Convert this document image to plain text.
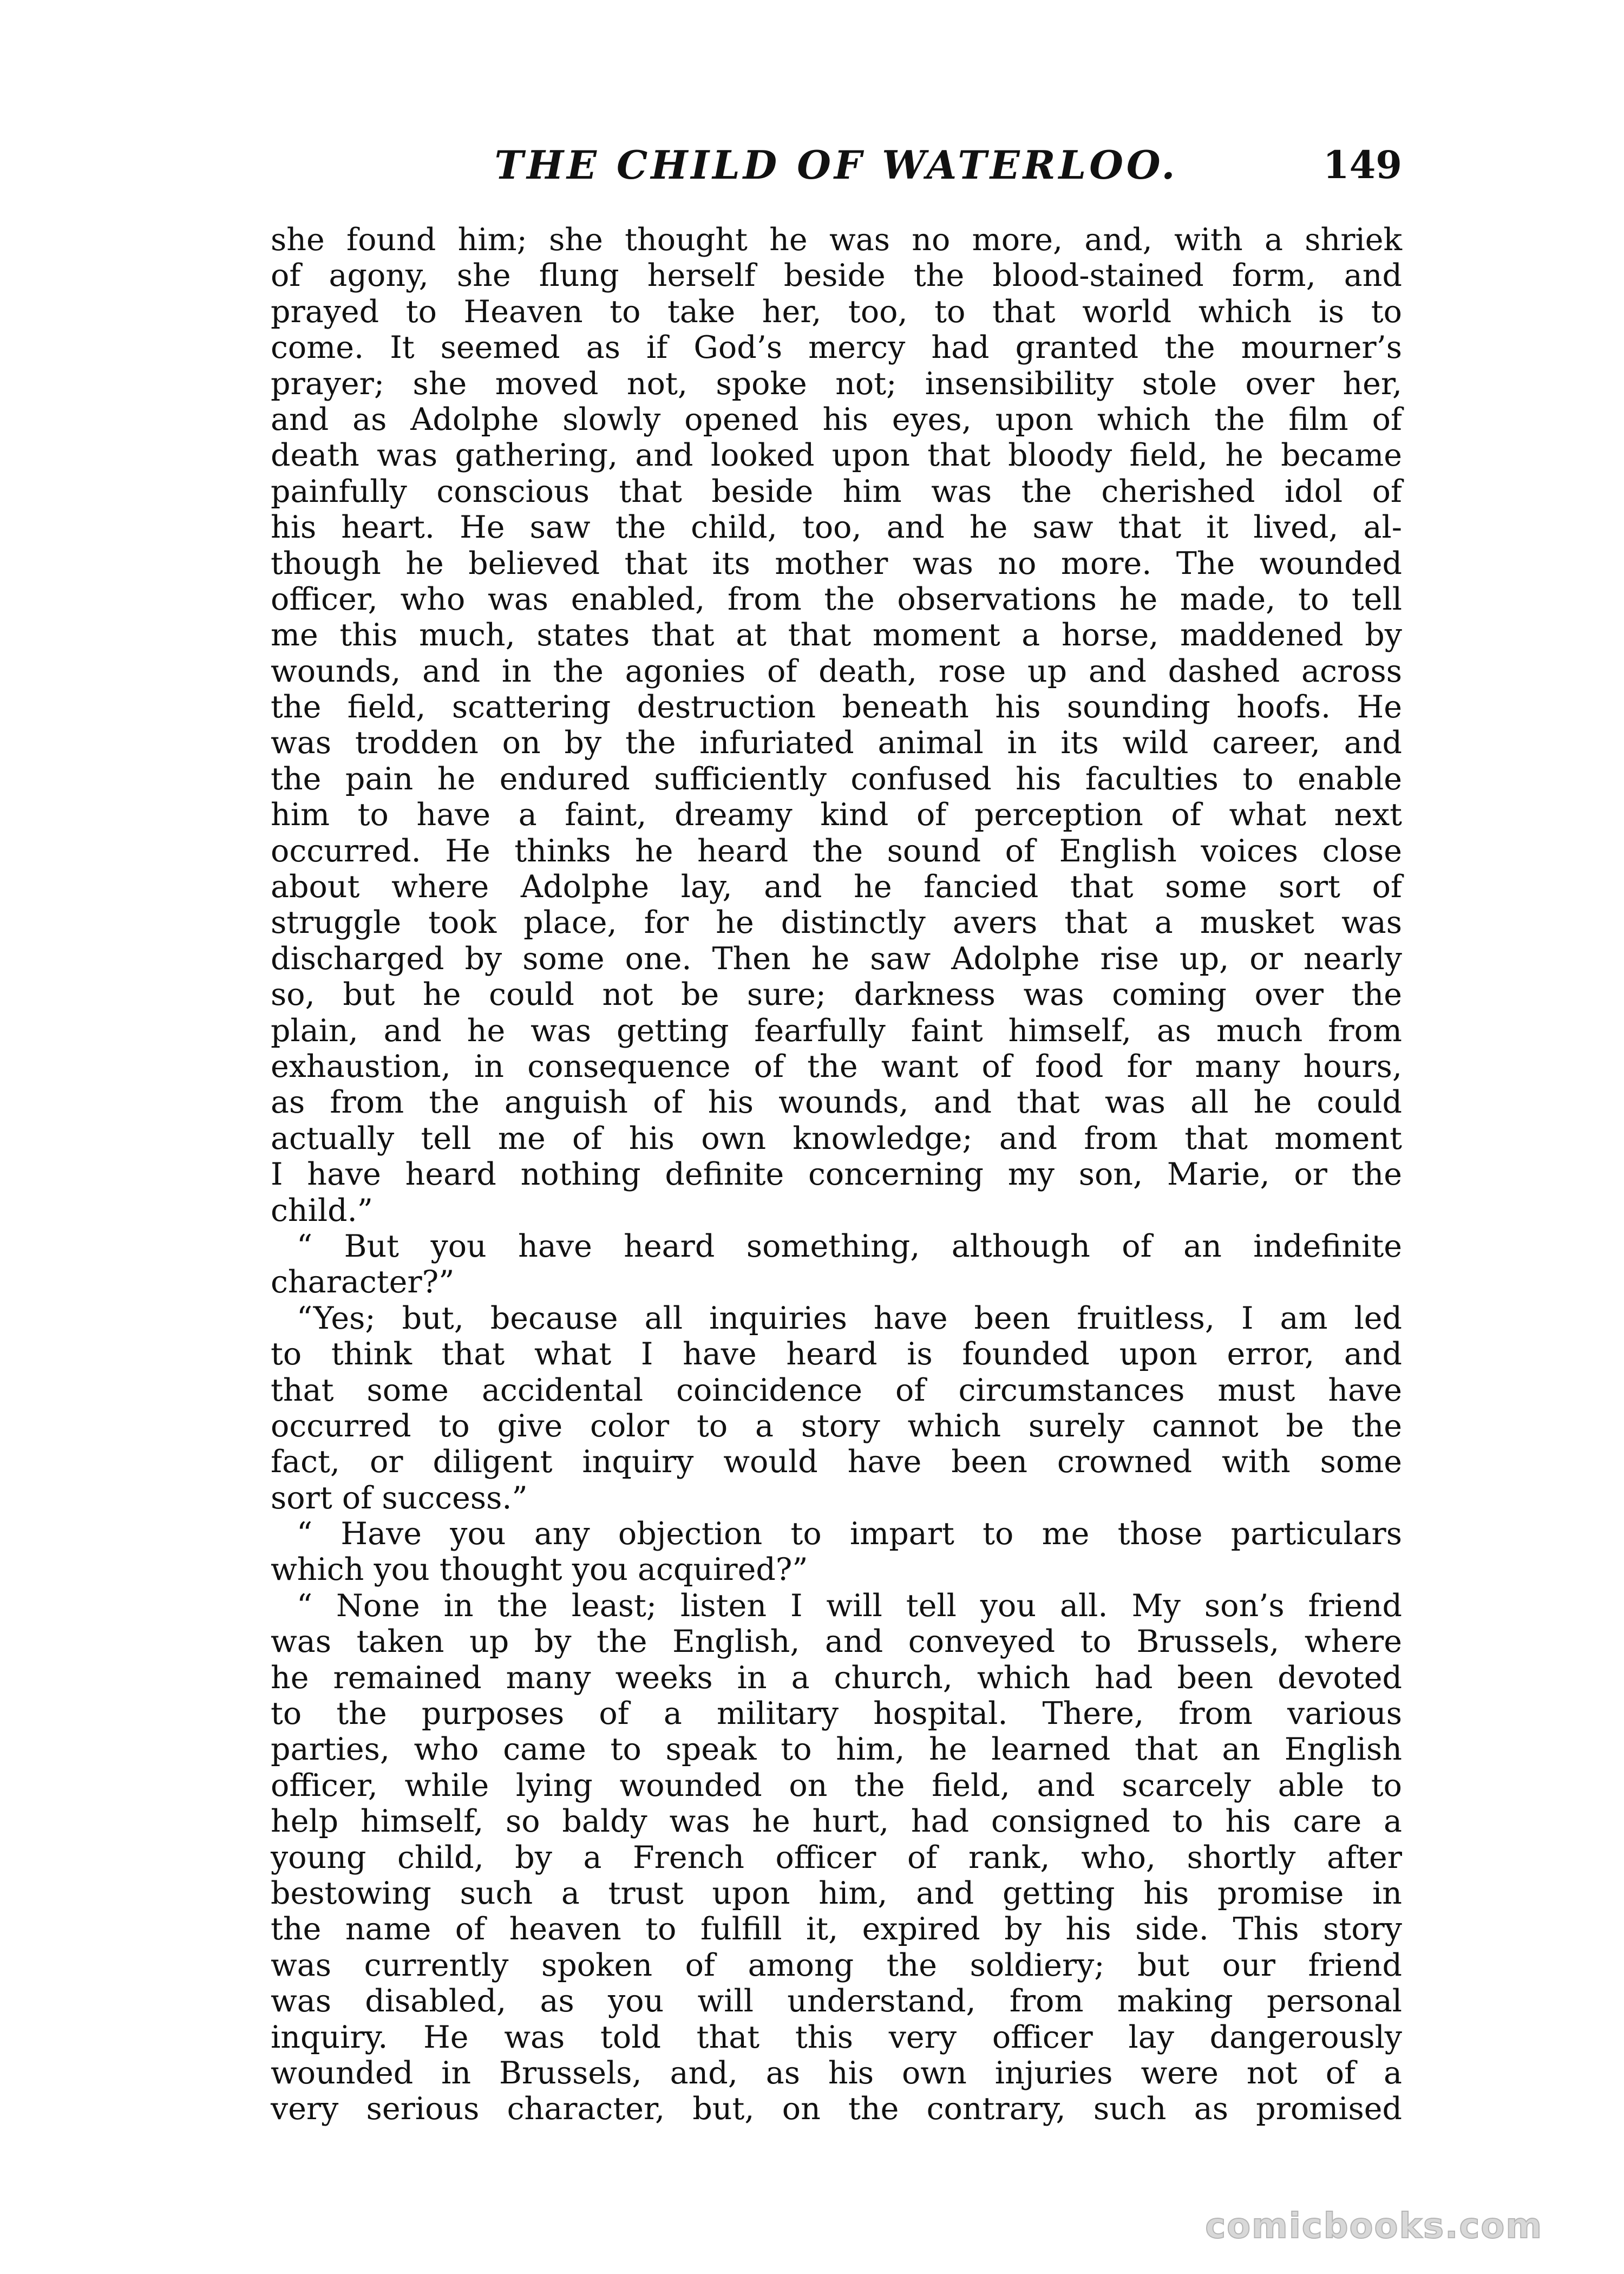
THE CHILD OF WATERLOO.	149
she found him; she thought he was no more, and, with a shriek
of agony, she flung herself beside the blood-stained form, and
prayed to Heaven to take her, too, to that world which is to
come. It seemed as if God’s mercy had granted the mourner’s
prayer; she moved not, spoke not; insensibility stole over her,
and as Adolphe slowly opened his eyes, upon which the film of
death was gathering, and looked upon that bloody field, he became
painfully conscious that beside him was the cherished idol of
his heart. He saw the child, too, and he saw that it lived, al-
though he believed that its mother was no more. The wounded
officer, who was enabled, from the observations he made, to tell
me this much, states that at that moment a horse, maddened by
wounds, and in the agonies of death, rose up and dashed across
the field, scattering destruction beneath his sounding hoofs. He
was trodden on by the infuriated animal in its wild career, and
the pain he endured sufficiently confused his faculties to enable
him to have a faint, dreamy kind of perception of what next
occurred. He thinks he heard the sound of English voices close
about where Adolphe lay, and he fancied that some sort of
struggle took place, for he distinctly avers that a musket was
discharged by some one. Then he saw Adolphe rise up, or nearly
so, but he could not be sure; darkness was coming over the
plain, and he was getting fearfully faint himself, as much from
exhaustion, in consequence of the want of food for many hours,
as from the anguish of his wounds, and that was all he could
actually tell me of his own knowledge; and from that moment
I have heard nothing definite concerning my son, Marie, or the
child.”
“ But you have heard something, although of an indefinite
character?”
“Yes; but, because all inquiries have been fruitless, I am led
to think that what I have heard is founded upon error, and
that some accidental coincidence of circumstances must have
occurred to give color to a story which surely cannot be the
fact, or diligent inquiry would have been crowned with some
sort of success.”
“ Have you any objection to impart to me those particulars
which you thought you acquired?”
“ None in the least; listen I will tell you all. My son’s friend
was taken up by the English, and conveyed to Brussels, where
he remained many weeks in a church, which had been devoted
to the purposes of a military hospital. There, from various
parties, who came to speak to him, he learned that an English
officer, while lying wounded on the field, and scarcely able to
help himself, so baldy was he hurt, had consigned to his care a
young child, by a French officer of rank, who, shortly after
bestowing such a trust upon him, and getting his promise in
the name of heaven to fulfill it, expired by his side. This story
was currently spoken of among the soldiery; but our friend
was disabled, as you will understand, from making personal
inquiry. He was told that this very officer lay dangerously
wounded in Brussels, and, as his own injuries were not of a
very serious character, but, on the contrary, such as promised
comicbooks.com
